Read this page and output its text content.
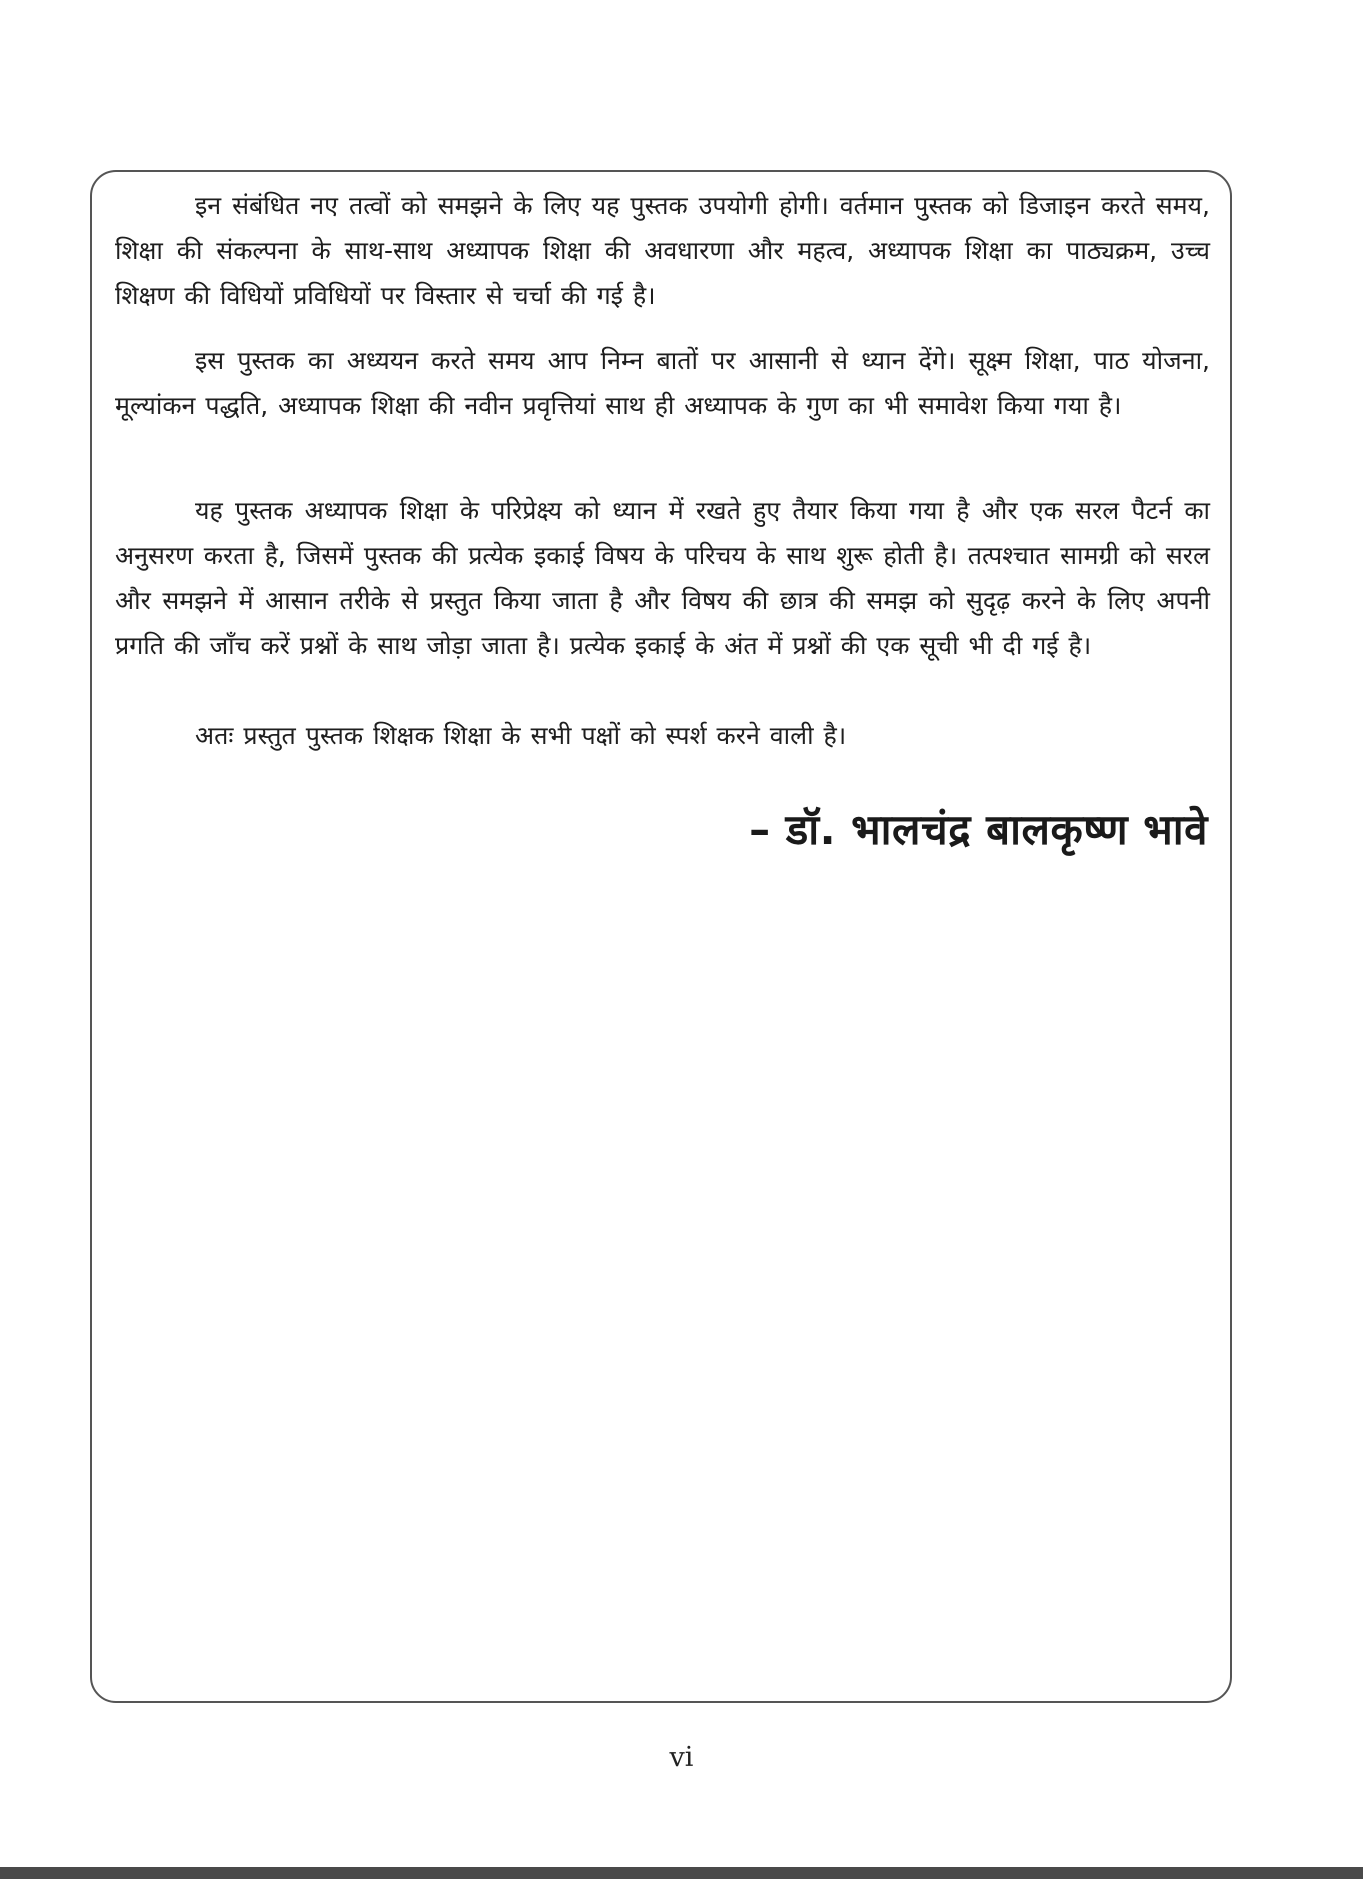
इन संबंधित नए तत्वों को समझने के लिए यह पुस्तक उपयोगी होगी। वर्तमान पुस्तक को डिजाइन करते समय, शिक्षा की संकल्पना के साथ-साथ अध्यापक शिक्षा की अवधारणा और महत्व, अध्यापक शिक्षा का पाठ्यक्रम, उच्च शिक्षण की विधियों प्रविधियों पर विस्तार से चर्चा की गई है।

इस पुस्तक का अध्ययन करते समय आप निम्न बातों पर आसानी से ध्यान देंगे। सूक्ष्म शिक्षा, पाठ योजना, मूल्यांकन पद्धति, अध्यापक शिक्षा की नवीन प्रवृत्तियां साथ ही अध्यापक के गुण का भी समावेश किया गया है।

यह पुस्तक अध्यापक शिक्षा के परिप्रेक्ष्य को ध्यान में रखते हुए तैयार किया गया है और एक सरल पैटर्न का अनुसरण करता है, जिसमें पुस्तक की प्रत्येक इकाई विषय के परिचय के साथ शुरू होती है। तत्पश्चात सामग्री को सरल और समझने में आसान तरीके से प्रस्तुत किया जाता है और विषय की छात्र की समझ को सुदृढ़ करने के लिए अपनी प्रगति की जाँच करें प्रश्नों के साथ जोड़ा जाता है। प्रत्येक इकाई के अंत में प्रश्नों की एक सूची भी दी गई है।

अतः प्रस्तुत पुस्तक शिक्षक शिक्षा के सभी पक्षों को स्पर्श करने वाली है।

– डॉ. भालचंद्र बालकृष्ण भावे
vi
